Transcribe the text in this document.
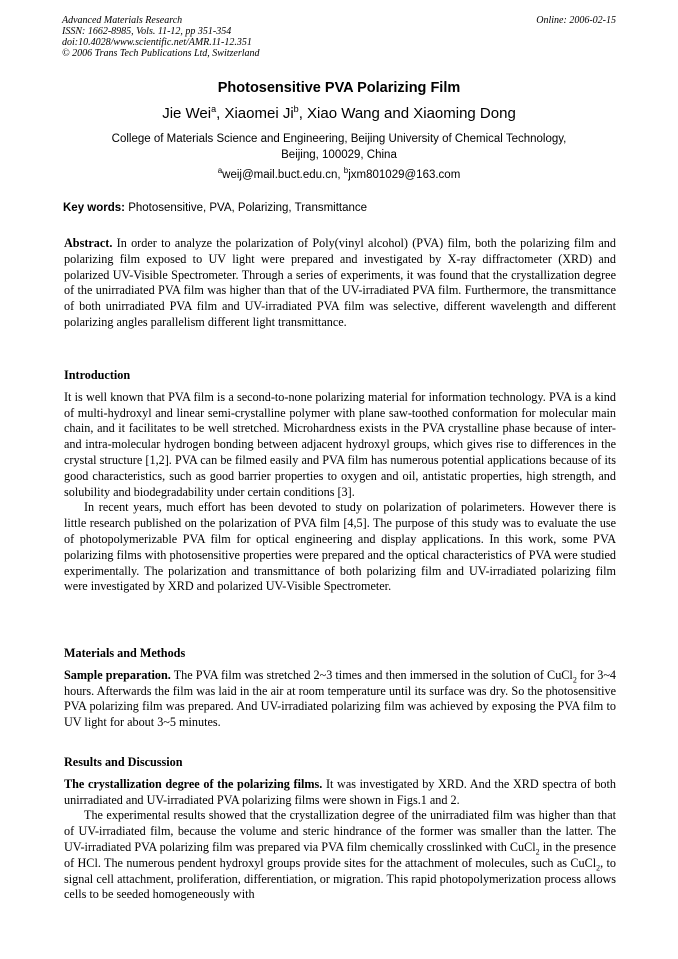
Advanced Materials Research
ISSN: 1662-8985, Vols. 11-12, pp 351-354
doi:10.4028/www.scientific.net/AMR.11-12.351
© 2006 Trans Tech Publications Ltd, Switzerland
Online: 2006-02-15
Photosensitive PVA Polarizing Film
Jie Wei$^a$, Xiaomei Ji$^b$, Xiao Wang and Xiaoming Dong
College of Materials Science and Engineering, Beijing University of Chemical Technology,
Beijing, 100029, China
$^a$weij@mail.buct.edu.cn, $^b$jxm801029@163.com
Key words: Photosensitive, PVA, Polarizing, Transmittance

Abstract. In order to analyze the polarization of Poly(vinyl alcohol) (PVA) film, both the polarizing film and polarizing film exposed to UV light were prepared and investigated by X-ray diffractometer (XRD) and polarized UV-Visible Spectrometer. Through a series of experiments, it was found that the crystallization degree of the unirradiated PVA film was higher than that of the UV-irradiated PVA film. Furthermore, the transmittance of both unirradiated PVA film and UV-irradiated PVA film was selective, different wavelength and different polarizing angles parallelism different light transmittance.

Introduction

It is well known that PVA film is a second-to-none polarizing material for information technology. PVA is a kind of multi-hydroxyl and linear semi-crystalline polymer with plane saw-toothed conformation for molecular main chain, and it facilitates to be well stretched. Microhardness exists in the PVA crystalline phase because of inter- and intra-molecular hydrogen bonding between adjacent hydroxyl groups, which gives rise to differences in the crystal structure [1,2]. PVA can be filmed easily and PVA film has numerous potential applications because of its good characteristics, such as good barrier properties to oxygen and oil, antistatic properties, high strength, and solubility and biodegradability under certain conditions [3].

In recent years, much effort has been devoted to study on polarization of polarimeters. However there is little research published on the polarization of PVA film [4,5]. The purpose of this study was to evaluate the use of photopolymerizable PVA film for optical engineering and display applications. In this work, some PVA polarizing films with photosensitive properties were prepared and the optical characteristics of PVA were studied experimentally. The polarization and transmittance of both polarizing film and UV-irradiated polarizing film were investigated by XRD and polarized UV-Visible Spectrometer.

Materials and Methods

Sample preparation. The PVA film was stretched 2~3 times and then immersed in the solution of CuCl$_2$ for 3~4 hours. Afterwards the film was laid in the air at room temperature until its surface was dry. So the photosensitive PVA polarizing film was prepared. And UV-irradiated polarizing film was achieved by exposing the PVA film to UV light for about 3~5 minutes.

Results and Discussion

The crystallization degree of the polarizing films. It was investigated by XRD. And the XRD spectra of both unirradiated and UV-irradiated PVA polarizing films were shown in Figs.1 and 2.

The experimental results showed that the crystallization degree of the unirradiated film was higher than that of UV-irradiated film, because the volume and steric hindrance of the former was smaller than the latter. The UV-irradiated PVA polarizing film was prepared via PVA film chemically crosslinked with CuCl$_2$ in the presence of HCl. The numerous pendent hydroxyl groups provide sites for the attachment of molecules, such as CuCl$_2$, to signal cell attachment, proliferation, differentiation, or migration. This rapid photopolymerization process allows cells to be seeded homogeneously with
